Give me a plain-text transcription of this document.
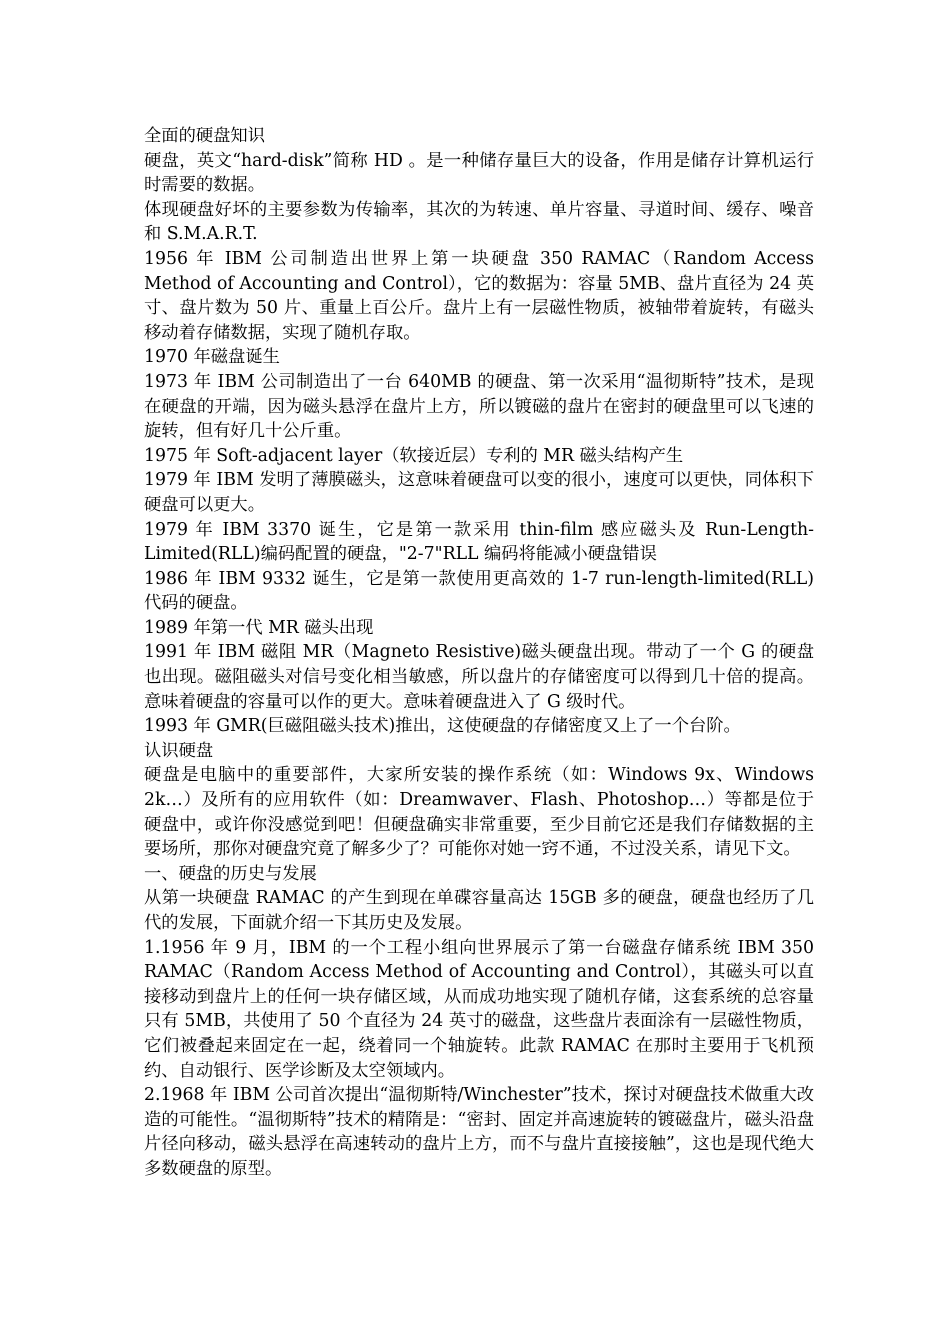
全面的硬盘知识

硬盘，英文“hard-disk”简称 HD 。是一种储存量巨大的设备，作用是储存计算机运行时需要的数据。

体现硬盘好坏的主要参数为传输率，其次的为转速、单片容量、寻道时间、缓存、噪音和 S.M.A.R.T.

1956 年 IBM 公司制造出世界上第一块硬盘 350 RAMAC（Random Access Method of Accounting and Control），它的数据为：容量 5MB、盘片直径为 24 英寸、盘片数为 50 片、重量上百公斤。盘片上有一层磁性物质，被轴带着旋转，有磁头移动着存储数据，实现了随机存取。

1970 年磁盘诞生

1973 年 IBM 公司制造出了一台 640MB 的硬盘、第一次采用“温彻斯特”技术，是现在硬盘的开端，因为磁头悬浮在盘片上方，所以镀磁的盘片在密封的硬盘里可以飞速的旋转，但有好几十公斤重。

1975 年 Soft-adjacent layer（软接近层）专利的 MR 磁头结构产生

1979 年 IBM 发明了薄膜磁头，这意味着硬盘可以变的很小，速度可以更快，同体积下硬盘可以更大。

1979 年 IBM 3370 诞生，它是第一款采用 thin-film 感应磁头及 Run-Length-Limited(RLL)编码配置的硬盘，"2-7"RLL 编码将能减小硬盘错误

1986 年 IBM 9332 诞生，它是第一款使用更高效的 1-7 run-length-limited(RLL)代码的硬盘。

1989 年第一代 MR 磁头出现

1991 年 IBM 磁阻 MR（Magneto Resistive)磁头硬盘出现。带动了一个 G 的硬盘也出现。磁阻磁头对信号变化相当敏感，所以盘片的存储密度可以得到几十倍的提高。意味着硬盘的容量可以作的更大。意味着硬盘进入了 G 级时代。

1993 年 GMR(巨磁阻磁头技术)推出，这使硬盘的存储密度又上了一个台阶。

认识硬盘

硬盘是电脑中的重要部件，大家所安装的操作系统（如：Windows 9x、Windows 2k…）及所有的应用软件（如：Dreamwaver、Flash、Photoshop…）等都是位于硬盘中，或许你没感觉到吧！但硬盘确实非常重要，至少目前它还是我们存储数据的主要场所，那你对硬盘究竟了解多少了？可能你对她一窍不通，不过没关系，请见下文。

一、硬盘的历史与发展

从第一块硬盘 RAMAC 的产生到现在单碟容量高达 15GB 多的硬盘，硬盘也经历了几代的发展，下面就介绍一下其历史及发展。

1.1956 年 9 月，IBM 的一个工程小组向世界展示了第一台磁盘存储系统 IBM 350 RAMAC（Random Access Method of Accounting and Control），其磁头可以直接移动到盘片上的任何一块存储区域，从而成功地实现了随机存储，这套系统的总容量只有 5MB，共使用了 50 个直径为 24 英寸的磁盘，这些盘片表面涂有一层磁性物质，它们被叠起来固定在一起，绕着同一个轴旋转。此款 RAMAC 在那时主要用于飞机预约、自动银行、医学诊断及太空领域内。

2.1968 年 IBM 公司首次提出“温彻斯特/Winchester”技术，探讨对硬盘技术做重大改造的可能性。“温彻斯特”技术的精隋是：“密封、固定并高速旋转的镀磁盘片，磁头沿盘片径向移动，磁头悬浮在高速转动的盘片上方，而不与盘片直接接触”，这也是现代绝大多数硬盘的原型。
